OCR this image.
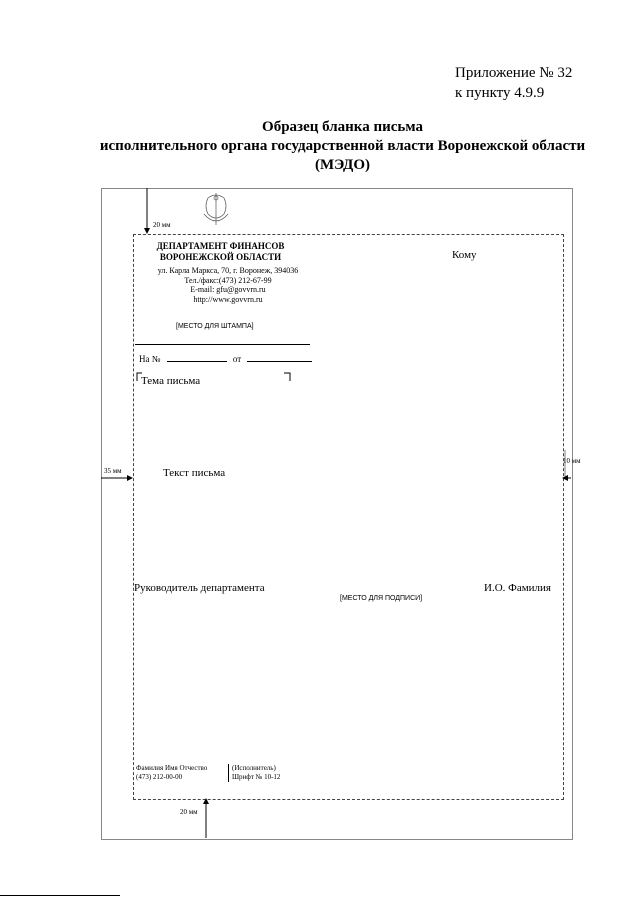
Приложение № 32
к пункту 4.9.9
Образец бланка письма
исполнительного органа государственной власти Воронежской области
(МЭДО)
20 мм
35 мм
10 мм
20 мм
ДЕПАРТАМЕНТ ФИНАНСОВ
ВОРОНЕЖСКОЙ ОБЛАСТИ
ул. Карла Маркса, 70, г. Воронеж, 394036
Тел./факс:(473) 212-67-99
E-mail: gfu@govvrn.ru
http://www.govvrn.ru
[МЕСТО ДЛЯ ШТАМПА]
На №	от
Кому
Тема письма
Текст письма
Руководитель департамента	И.О. Фамилия
[МЕСТО ДЛЯ ПОДПИСИ]
Фамилия Имя Отчество
(473) 212-00-00
(Исполнитель)
Шрифт № 10-12
